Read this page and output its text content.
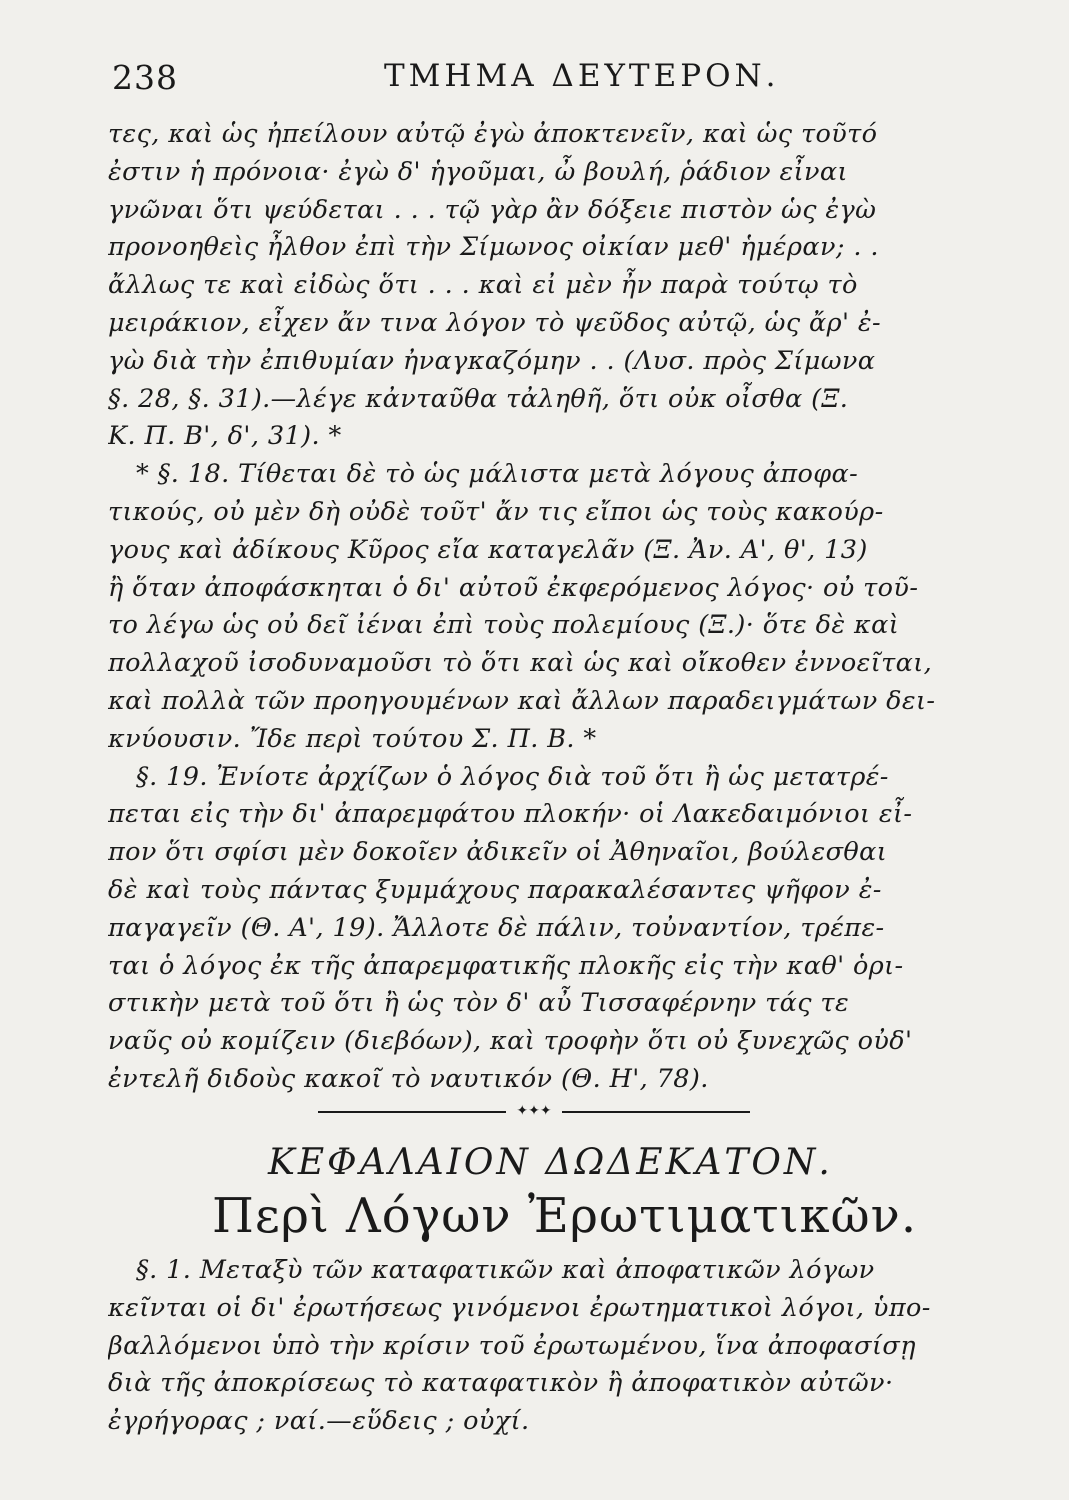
238	ΤΜΗΜΑ ΔΕΥΤΕΡΟΝ.
τες, καὶ ὡς ἠπείλουν αὐτῷ ἐγὼ ἀποκτενεῖν, καὶ ὡς τοῦτό
ἐστιν ἡ πρόνοια· ἐγὼ δ' ἡγοῦμαι, ὦ βουλή, ῥάδιον εἶναι
γνῶναι ὅτι ψεύδεται . . . τῷ γὰρ ἂν δόξειε πιστὸν ὡς ἐγὼ
προνοηθεὶς ἦλθον ἐπὶ τὴν Σίμωνος οἰκίαν μεθ' ἡμέραν; . .
ἄλλως τε καὶ εἰδὼς ὅτι . . . καὶ εἰ μὲν ἦν παρὰ τούτῳ τὸ
μειράκιον, εἶχεν ἄν τινα λόγον τὸ ψεῦδος αὐτῷ, ὡς ἄρ' ἐ-
γὼ διὰ τὴν ἐπιθυμίαν ἠναγκαζόμην . . (Λυσ. πρὸς Σίμωνα
§. 28, §. 31).—λέγε κἀνταῦθα τἀληθῆ, ὅτι οὐκ οἶσθα (Ξ.
Κ. Π. Β', δ', 31). *
* §. 18. Τίθεται δὲ τὸ ὡς μάλιστα μετὰ λόγους ἀποφα-
τικούς, οὐ μὲν δὴ οὐδὲ τοῦτ' ἄν τις εἴποι ὡς τοὺς κακούρ-
γους καὶ ἀδίκους Κῦρος εἴα καταγελᾶν (Ξ. Ἀν. Α', θ', 13)
ἢ ὅταν ἀποφάσκηται ὁ δι' αὐτοῦ ἐκφερόμενος λόγος· οὐ τοῦ-
το λέγω ὡς οὐ δεῖ ἰέναι ἐπὶ τοὺς πολεμίους (Ξ.)· ὅτε δὲ καὶ
πολλαχοῦ ἰσοδυναμοῦσι τὸ ὅτι καὶ ὡς καὶ οἴκοθεν ἐννοεῖται,
καὶ πολλὰ τῶν προηγουμένων καὶ ἄλλων παραδειγμάτων δει-
κνύουσιν. Ἴδε περὶ τούτου Σ. Π. Β. *
§. 19. Ἐνίοτε ἀρχίζων ὁ λόγος διὰ τοῦ ὅτι ἢ ὡς μετατρέ-
πεται εἰς τὴν δι' ἀπαρεμφάτου πλοκήν· οἱ Λακεδαιμόνιοι εἶ-
πον ὅτι σφίσι μὲν δοκοῖεν ἀδικεῖν οἱ Ἀθηναῖοι, βούλεσθαι
δὲ καὶ τοὺς πάντας ξυμμάχους παρακαλέσαντες ψῆφον ἐ-
παγαγεῖν (Θ. Α', 19). Ἄλλοτε δὲ πάλιν, τοὐναντίον, τρέπε-
ται ὁ λόγος ἐκ τῆς ἀπαρεμφατικῆς πλοκῆς εἰς τὴν καθ' ὁρι-
στικὴν μετὰ τοῦ ὅτι ἢ ὡς τὸν δ' αὖ Τισσαφέρνην τάς τε
ναῦς οὐ κομίζειν (διεβόων), καὶ τροφὴν ὅτι οὐ ξυνεχῶς οὐδ'
ἐντελῆ διδοὺς κακοῖ τὸ ναυτικόν (Θ. Η', 78).
✦✦✦
ΚΕΦΑΛΑΙΟΝ ΔΩΔΕΚΑΤΟΝ.
Περὶ Λόγων Ἐρωτιματικῶν.
§. 1. Μεταξὺ τῶν καταφατικῶν καὶ ἀποφατικῶν λόγων
κεῖνται οἱ δι' ἐρωτήσεως γινόμενοι ἐρωτηματικοὶ λόγοι, ὑπο-
βαλλόμενοι ὑπὸ τὴν κρίσιν τοῦ ἐρωτωμένου, ἵνα ἀποφασίσῃ
διὰ τῆς ἀποκρίσεως τὸ καταφατικὸν ἢ ἀποφατικὸν αὐτῶν·
ἐγρήγορας ; ναί.—εὕδεις ; οὐχί.
